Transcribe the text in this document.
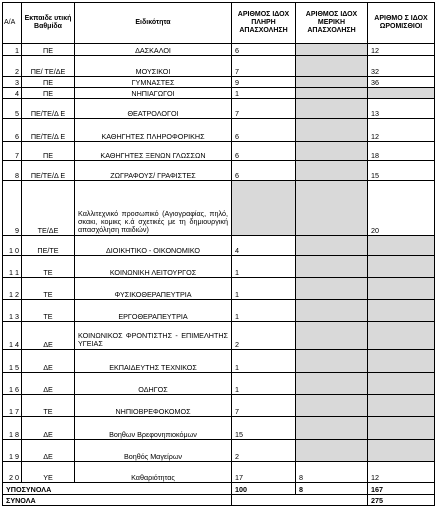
Α/Α	Εκπαιδε υτική Βαθμίδα	Ειδικότητα	ΑΡΙΘΜΟΣ ΙΔΟΧ ΠΛΗΡΗ ΑΠΑΣΧΟΛΗΣΗ	ΑΡΙΘΜΟΣ ΙΔΟΧ ΜΕΡΙΚΗ ΑΠΑΣΧΟΛΗΣΗ	ΑΡΙΘΜΟ Σ ΙΔΟΧ ΩΡΟΜΙΣΘΙΟΙ
1	ΠΕ	ΔΑΣΚΑΛΟΙ	6		12
2	ΠΕ/ ΤΕ/ΔΕ	ΜΟΥΣΙΚΟΙ	7		32
3	ΠΕ	ΓΥΜΝΑΣΤΕΣ	9		36
4	ΠΕ	ΝΗΠΙΑΓΩΓΟΙ	1		
5	ΠΕ/ΤΕ/Δ Ε	ΘΕΑΤΡΟΛΟΓΟΙ	7		13
6	ΠΕ/ΤΕ/Δ Ε	ΚΑΘΗΓΗΤΕΣ ΠΛΗΡΟΦΟΡΙΚΗΣ	6		12
7	ΠΕ	ΚΑΘΗΓΗΤΕΣ ΞΕΝΩΝ ΓΛΩΣΣΩΝ	6		18
8	ΠΕ/ΤΕ/Δ Ε	ΖΩΓΡΑΦΟΥΣ/ ΓΡΑΦΙΣΤΕΣ	6		15
9	ΤΕ/ΔΕ	Καλλιτεχνικό προσωπικό (Αγιογραφίας, πηλό, σκακι, κομικς κ.ά σχετικές με τη δημιουργική απασχόληση παιδιών)			20
1 0	ΠΕ/ΤΕ	ΔΙΟΙΚΗΤΙΚΟ - ΟΙΚΟΝΟΜΙΚΟ	4		
1 1	ΤΕ	ΚΟΙΝΩΝΙΚΗ ΛΕΙΤΟΥΡΓΟΣ	1		
1 2	ΤΕ	ΦΥΣΙΚΟΘΕΡΑΠΕΥΤΡΙΑ	1		
1 3	ΤΕ	ΕΡΓΟΘΕΡΑΠΕΥΤΡΙΑ	1		
1 4	ΔΕ	ΚΟΙΝΩΝΙΚΟΣ ΦΡΟΝΤΙΣΤΗΣ - ΕΠΙΜΕΛΗΤΗΣ ΥΓΕΙΑΣ	2		
1 5	ΔΕ	ΕΚΠΑΙΔΕΥΤΗΣ ΤΕΧΝΙΚΟΣ	1		
1 6	ΔΕ	ΟΔΗΓΟΣ	1		
1 7	ΤΕ	ΝΗΠΙΟΒΡΕΦΟΚΟΜΟΣ	7		
1 8	ΔΕ	Βοηθων Βρεφονηπιοκόμων	15		
1 9	ΔΕ	Βοηθός Μαγείρων	2		
2 0	ΥΕ	Καθαριότητας	17	8	12
ΥΠΟΣΥΝΟΛΑ			100	8	167
ΣΥΝΟΛΑ					275
